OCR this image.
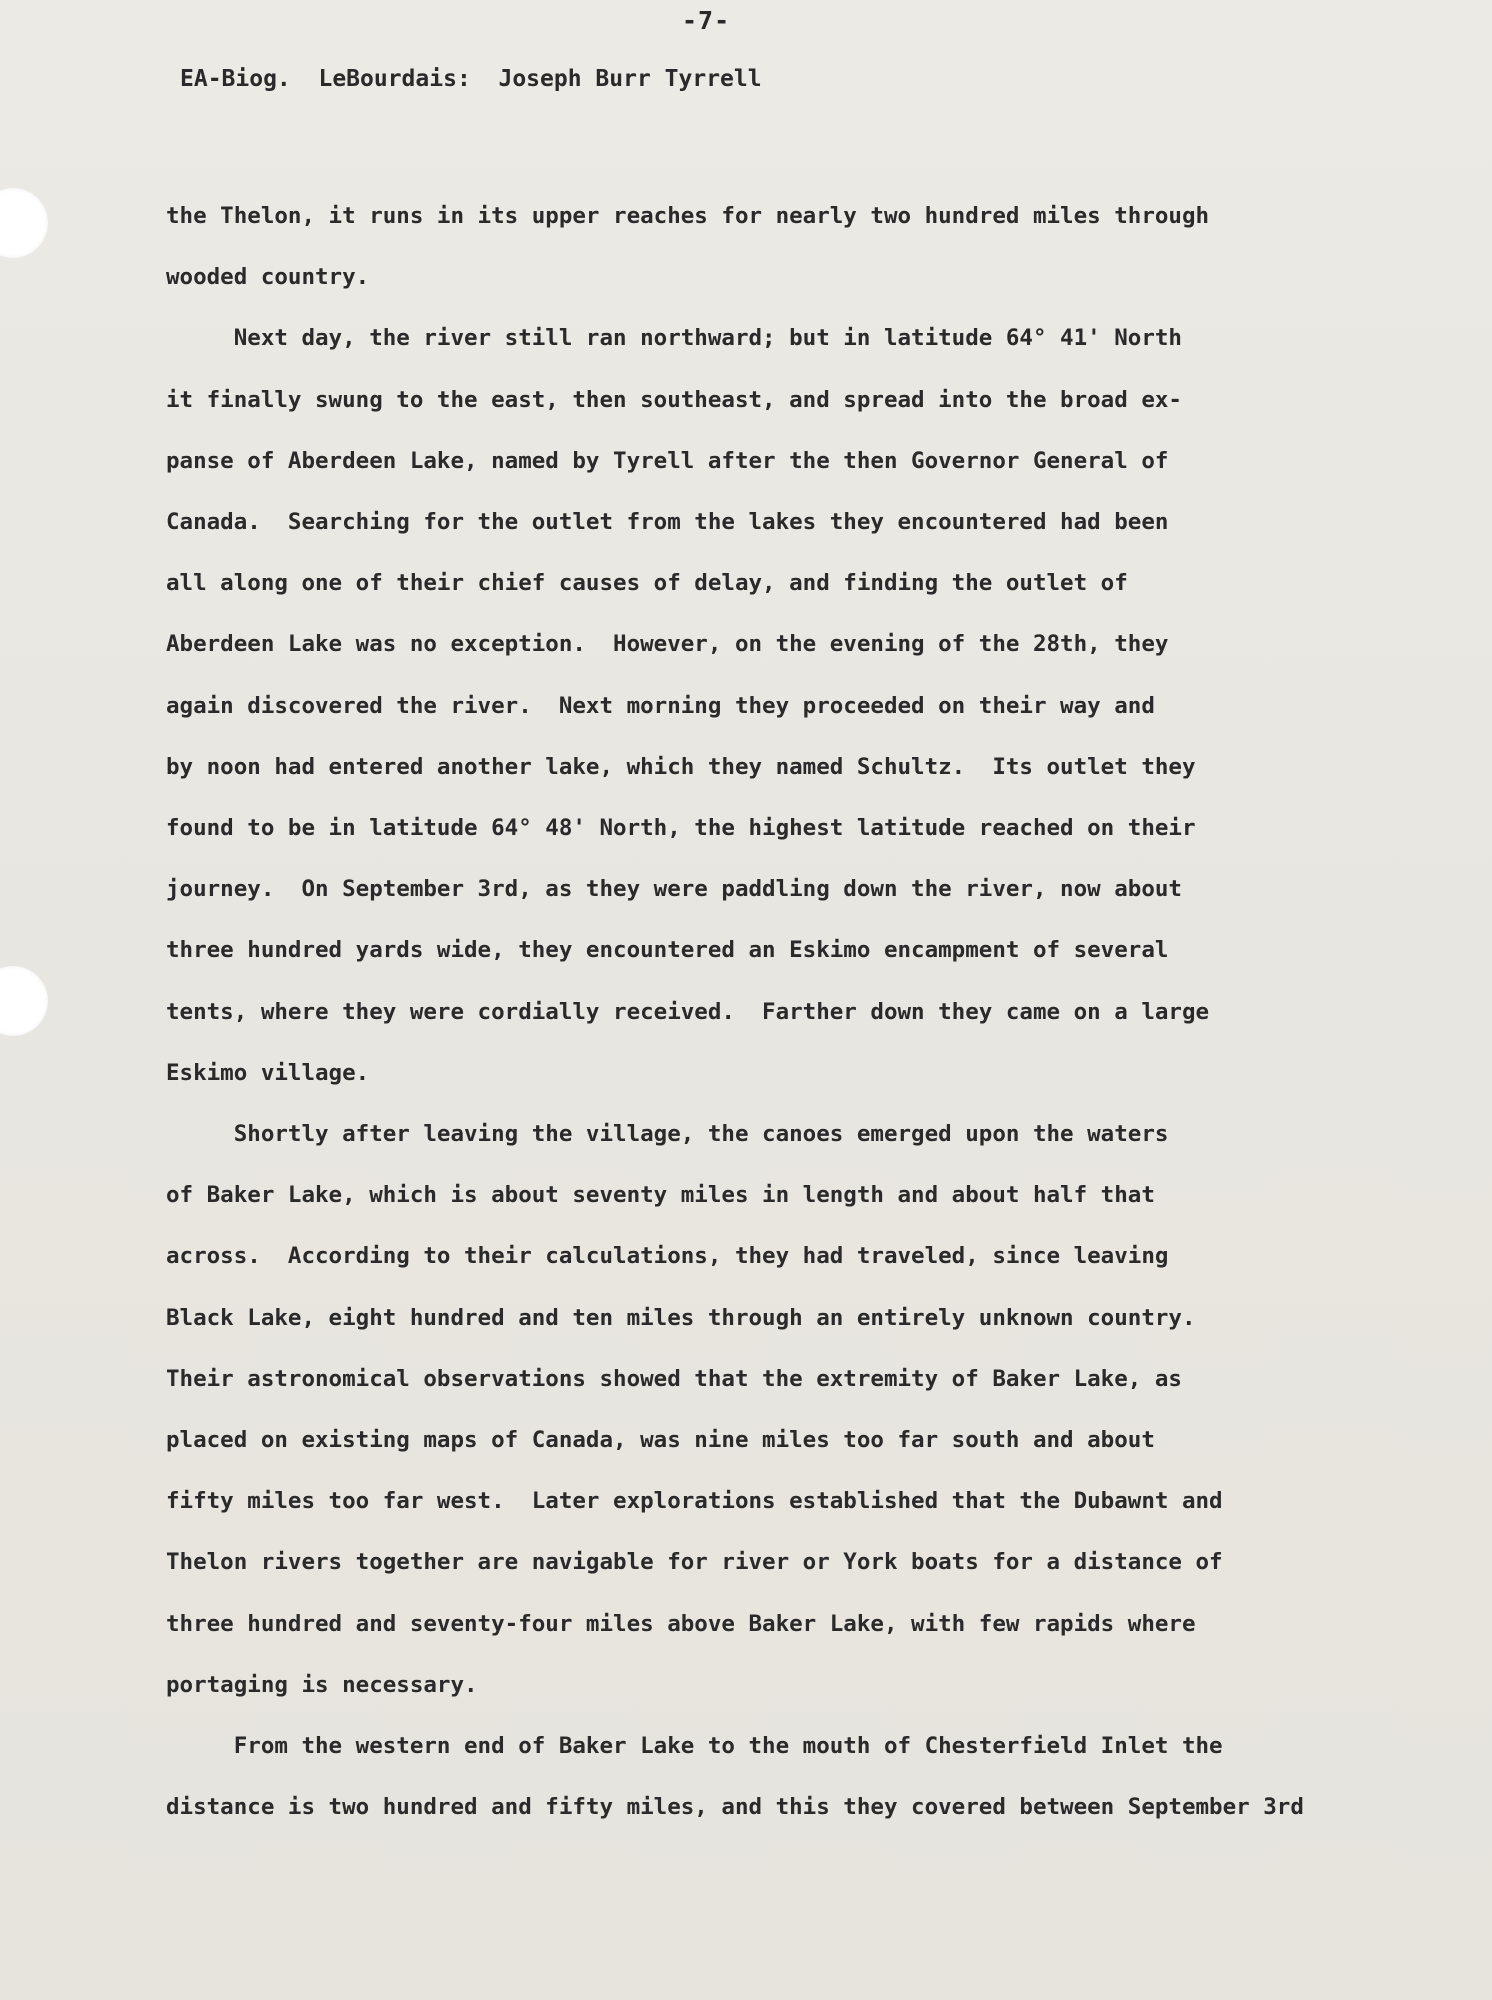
-7-
EA-Biog.  LeBourdais:  Joseph Burr Tyrrell

the Thelon, it runs in its upper reaches for nearly two hundred miles through
wooded country.

Next day, the river still ran northward; but in latitude 64° 41' North
it finally swung to the east, then southeast, and spread into the broad ex-
panse of Aberdeen Lake, named by Tyrell after the then Governor General of
Canada.  Searching for the outlet from the lakes they encountered had been
all along one of their chief causes of delay, and finding the outlet of
Aberdeen Lake was no exception.  However, on the evening of the 28th, they
again discovered the river.  Next morning they proceeded on their way and
by noon had entered another lake, which they named Schultz.  Its outlet they
found to be in latitude 64° 48' North, the highest latitude reached on their
journey.  On September 3rd, as they were paddling down the river, now about
three hundred yards wide, they encountered an Eskimo encampment of several
tents, where they were cordially received.  Farther down they came on a large
Eskimo village.

Shortly after leaving the village, the canoes emerged upon the waters
of Baker Lake, which is about seventy miles in length and about half that
across.  According to their calculations, they had traveled, since leaving
Black Lake, eight hundred and ten miles through an entirely unknown country.
Their astronomical observations showed that the extremity of Baker Lake, as
placed on existing maps of Canada, was nine miles too far south and about
fifty miles too far west.  Later explorations established that the Dubawnt and
Thelon rivers together are navigable for river or York boats for a distance of
three hundred and seventy-four miles above Baker Lake, with few rapids where
portaging is necessary.

From the western end of Baker Lake to the mouth of Chesterfield Inlet the
distance is two hundred and fifty miles, and this they covered between September 3rd
